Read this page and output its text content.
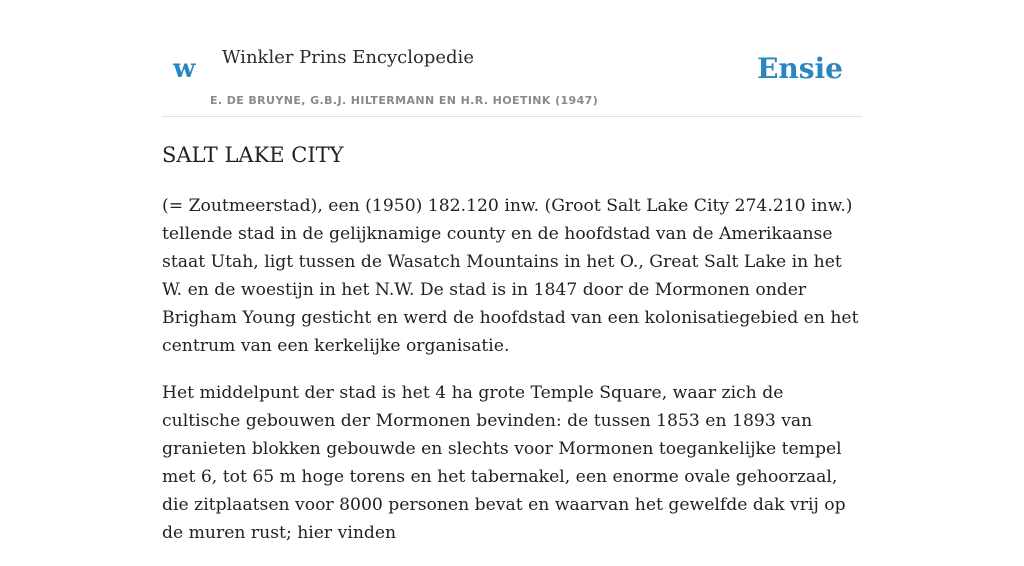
w Winkler Prins Encyclopedie
E. DE BRUYNE, G.B.J. HILTERMANN EN H.R. HOETINK (1947)
Ensie
SALT LAKE CITY

(= Zoutmeerstad), een (1950) 182.120 inw. (Groot Salt Lake City 274.210 inw.) tellende stad in de gelijknamige county en de hoofdstad van de Amerikaanse staat Utah, ligt tussen de Wasatch Mountains in het O., Great Salt Lake in het W. en de woestijn in het N.W. De stad is in 1847 door de Mormonen onder Brigham Young gesticht en werd de hoofdstad van een kolonisatiegebied en het centrum van een kerkelijke organisatie.

Het middelpunt der stad is het 4 ha grote Temple Square, waar zich de cultische gebouwen der Mormonen bevinden: de tussen 1853 en 1893 van granieten blokken gebouwde en slechts voor Mormonen toegankelijke tempel met 6, tot 65 m hoge torens en het tabernakel, een enorme ovale gehoorzaal, die zitplaatsen voor 8000 personen bevat en waarvan het gewelfde dak vrij op de muren rust; hier vinden
